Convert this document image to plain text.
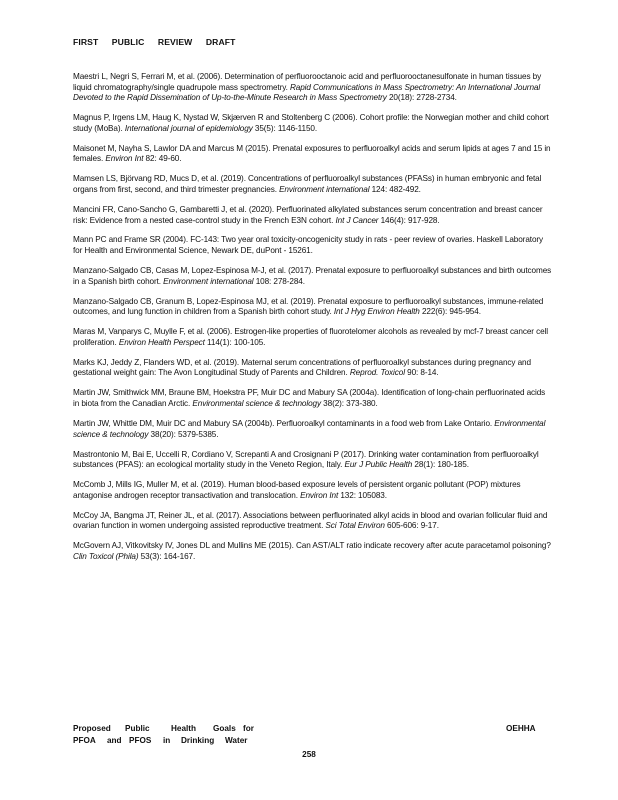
FIRST PUBLIC REVIEW DRAFT

Maestri L, Negri S, Ferrari M, et al. (2006). Determination of perfluorooctanoic acid and perfluorooctanesulfonate in human tissues by liquid chromatography/single quadrupole mass spectrometry. Rapid Communications in Mass Spectrometry: An International Journal Devoted to the Rapid Dissemination of Up‐to‐the‐Minute Research in Mass Spectrometry 20(18): 2728-2734.

Magnus P, Irgens LM, Haug K, Nystad W, Skjærven R and Stoltenberg C (2006). Cohort profile: the Norwegian mother and child cohort study (MoBa). International journal of epidemiology 35(5): 1146-1150.

Maisonet M, Nayha S, Lawlor DA and Marcus M (2015). Prenatal exposures to perfluoroalkyl acids and serum lipids at ages 7 and 15 in females. Environ Int 82: 49-60.

Mamsen LS, Björvang RD, Mucs D, et al. (2019). Concentrations of perfluoroalkyl substances (PFASs) in human embryonic and fetal organs from first, second, and third trimester pregnancies. Environment international 124: 482-492.

Mancini FR, Cano-Sancho G, Gambaretti J, et al. (2020). Perfluorinated alkylated substances serum concentration and breast cancer risk: Evidence from a nested case-control study in the French E3N cohort. Int J Cancer 146(4): 917-928.

Mann PC and Frame SR (2004). FC-143: Two year oral toxicity-oncogenicity study in rats - peer review of ovaries. Haskell Laboratory for Health and Environmental Science, Newark DE, duPont - 15261.

Manzano-Salgado CB, Casas M, Lopez-Espinosa M-J, et al. (2017). Prenatal exposure to perfluoroalkyl substances and birth outcomes in a Spanish birth cohort. Environment international 108: 278-284.

Manzano-Salgado CB, Granum B, Lopez-Espinosa MJ, et al. (2019). Prenatal exposure to perfluoroalkyl substances, immune-related outcomes, and lung function in children from a Spanish birth cohort study. Int J Hyg Environ Health 222(6): 945-954.

Maras M, Vanparys C, Muylle F, et al. (2006). Estrogen-like properties of fluorotelomer alcohols as revealed by mcf-7 breast cancer cell proliferation. Environ Health Perspect 114(1): 100-105.

Marks KJ, Jeddy Z, Flanders WD, et al. (2019). Maternal serum concentrations of perfluoroalkyl substances during pregnancy and gestational weight gain: The Avon Longitudinal Study of Parents and Children. Reprod. Toxicol 90: 8-14.

Martin JW, Smithwick MM, Braune BM, Hoekstra PF, Muir DC and Mabury SA (2004a). Identification of long-chain perfluorinated acids in biota from the Canadian Arctic. Environmental science & technology 38(2): 373-380.

Martin JW, Whittle DM, Muir DC and Mabury SA (2004b). Perfluoroalkyl contaminants in a food web from Lake Ontario. Environmental science & technology 38(20): 5379-5385.

Mastrontonio M, Bai E, Uccelli R, Cordiano V, Screpanti A and Crosignani P (2017). Drinking water contamination from perfluoroalkyl substances (PFAS): an ecological mortality study in the Veneto Region, Italy. Eur J Public Health 28(1): 180-185.

McComb J, Mills IG, Muller M, et al. (2019). Human blood-based exposure levels of persistent organic pollutant (POP) mixtures antagonise androgen receptor transactivation and translocation. Environ Int 132: 105083.

McCoy JA, Bangma JT, Reiner JL, et al. (2017). Associations between perfluorinated alkyl acids in blood and ovarian follicular fluid and ovarian function in women undergoing assisted reproductive treatment. Sci Total Environ 605-606: 9-17.

McGovern AJ, Vitkovitsky IV, Jones DL and Mullins ME (2015). Can AST/ALT ratio indicate recovery after acute paracetamol poisoning? Clin Toxicol (Phila) 53(3): 164-167.

Proposed Public	Health Goals for	OEHHA
PFOA and PFOS in Drinking Water
258
